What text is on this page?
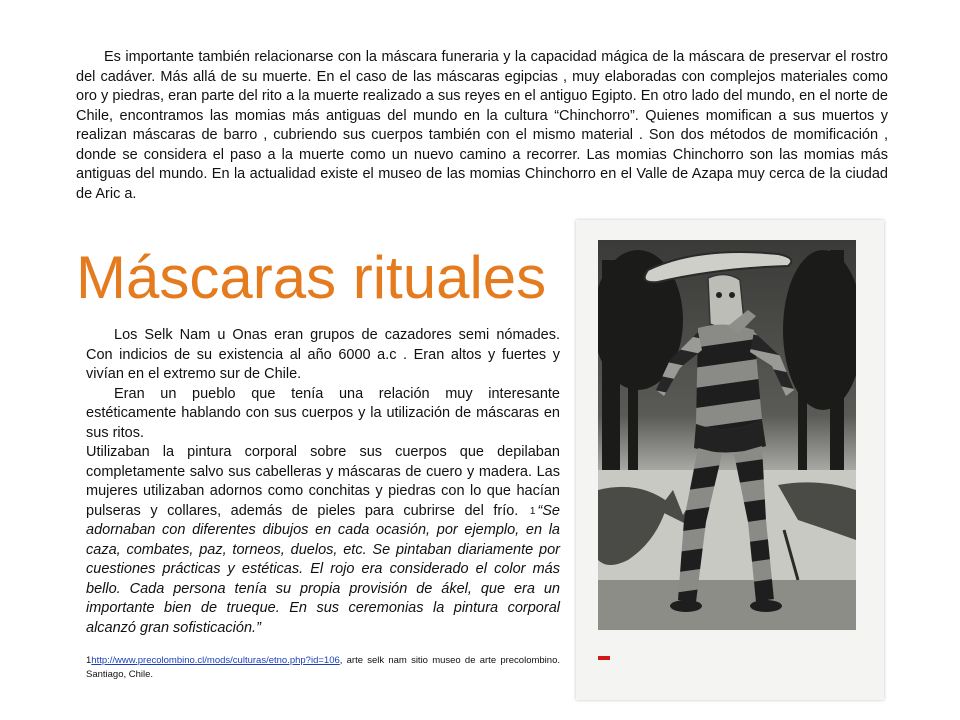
Es importante también relacionarse con la máscara funeraria y la capacidad mágica de la máscara de preservar el rostro del cadáver. Más allá de su muerte. En el caso de las máscaras egipcias , muy elaboradas con complejos materiales como oro y piedras, eran parte del rito a la muerte realizado a sus reyes en el antiguo Egipto. En otro lado del mundo, en el norte de Chile, encontramos las momias más antiguas del mundo en la cultura “Chinchorro”. Quienes momifican a sus muertos y realizan máscaras de barro , cubriendo sus cuerpos también con el mismo material . Son dos métodos de momificación , donde se considera el paso a la muerte como un nuevo camino a recorrer. Las momias Chinchorro son las momias más antiguas del mundo. En la actualidad existe el museo de las momias Chinchorro en el Valle de Azapa muy cerca de la ciudad de Aric a.

Máscaras rituales

Los Selk Nam u Onas eran grupos de cazadores semi nómades. Con indicios de su existencia al año 6000 a.c . Eran altos y fuertes y vivían en el extremo sur de Chile.

Eran un pueblo que tenía una relación muy interesante estéticamente hablando con sus cuerpos y la utilización de máscaras en sus ritos.

Utilizaban la pintura corporal sobre sus cuerpos que depilaban completamente salvo sus cabelleras y máscaras de cuero y madera. Las mujeres utilizaban adornos como conchitas y piedras con lo que hacían pulseras y collares, además de pieles para cubrirse del frío. 1 “Se adornaban con diferentes dibujos en cada ocasión, por ejemplo, en la caza, combates, paz, torneos, duelos, etc. Se pintaban diariamente por cuestiones prácticas y estéticas. El rojo era considerado el color más bello. Cada persona tenía su propia provisión de ákel, que era un importante bien de trueque. En sus ceremonias la pintura corporal alcanzó gran sofisticación.”

1http://www.precolombino.cl/mods/culturas/etno.php?id=106, arte selk nam sitio museo de arte precolombino. Santiago, Chile.
